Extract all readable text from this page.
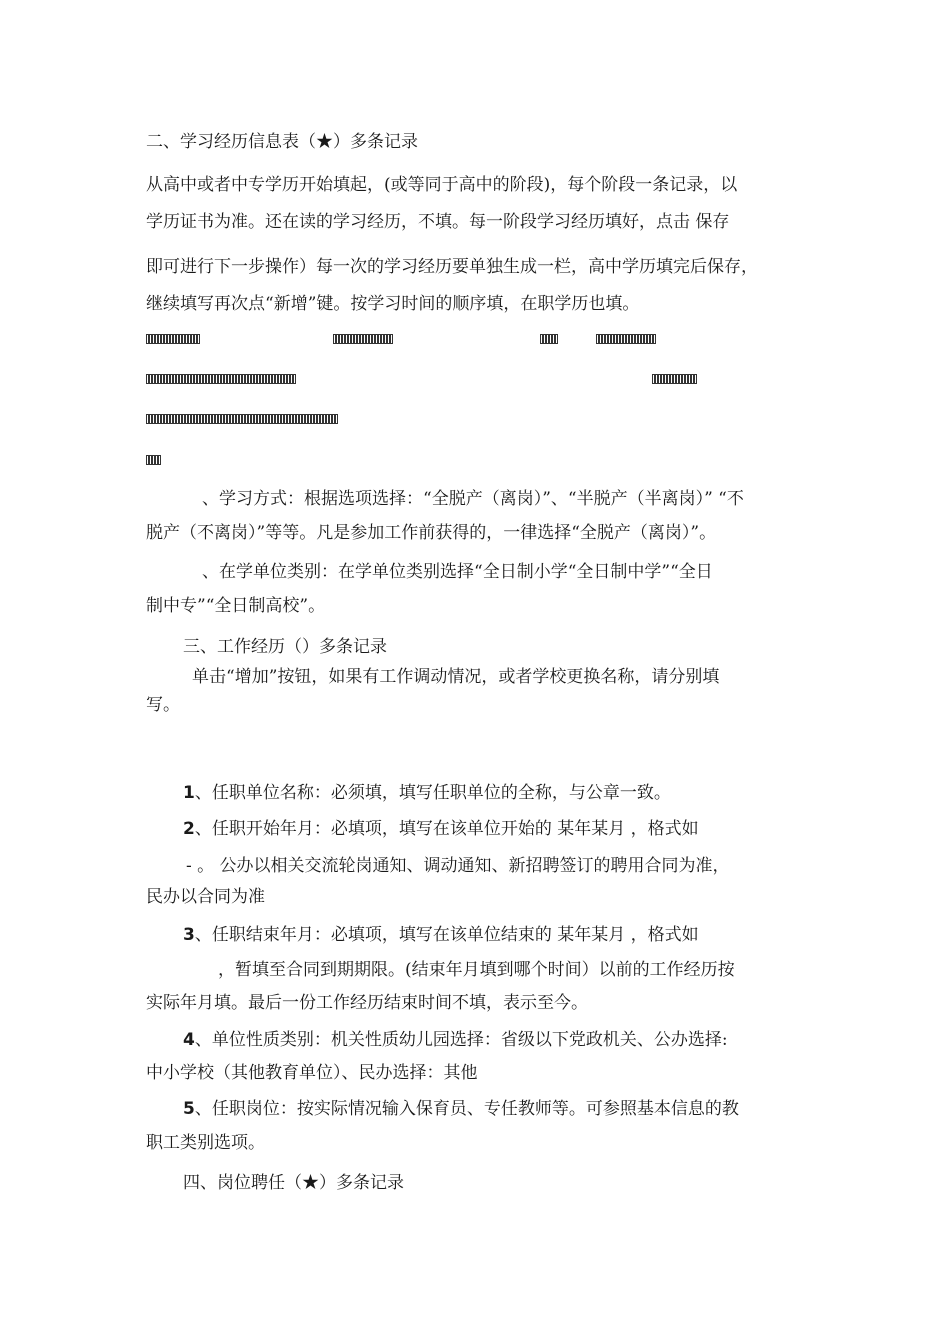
二、学习经历信息表（★）多条记录
从高中或者中专学历开始填起，(或等同于高中的阶段)，每个阶段一条记录，以
学历证书为准。还在读的学习经历，不填。每一阶段学习经历填好，点击 保存
即可进行下一步操作）每一次的学习经历要单独生成一栏，高中学历填完后保存，
继续填写再次点“新增”键。按学习时间的顺序填，在职学历也填。
、学习方式：根据选项选择：“全脱产（离岗）”、“半脱产（半离岗）” “不
脱产（不离岗）”等等。凡是参加工作前获得的，一律选择“全脱产（离岗）”。
、在学单位类别：在学单位类别选择“全日制小学“全日制中学”“全日
制中专”“全日制高校”。
三、工作经历（）多条记录
单击“增加”按钮，如果有工作调动情况，或者学校更换名称，请分别填
写。
1、任职单位名称：必须填，填写任职单位的全称，与公章一致。
2、任职开始年月：必填项，填写在该单位开始的 某年某月 ，格式如
- 。 公办以相关交流轮岗通知、调动通知、新招聘签订的聘用合同为准，
民办以合同为准
3、任职结束年月：必填项，填写在该单位结束的 某年某月 ，格式如
，暂填至合同到期期限。(结束年月填到哪个时间）以前的工作经历按
实际年月填。最后一份工作经历结束时间不填，表示至今。
4、单位性质类别：机关性质幼儿园选择：省级以下党政机关、公办选择:
中小学校（其他教育单位）、民办选择：其他
5、任职岗位：按实际情况输入保育员、专任教师等。可参照基本信息的教
职工类别选项。
四、岗位聘任（★）多条记录
